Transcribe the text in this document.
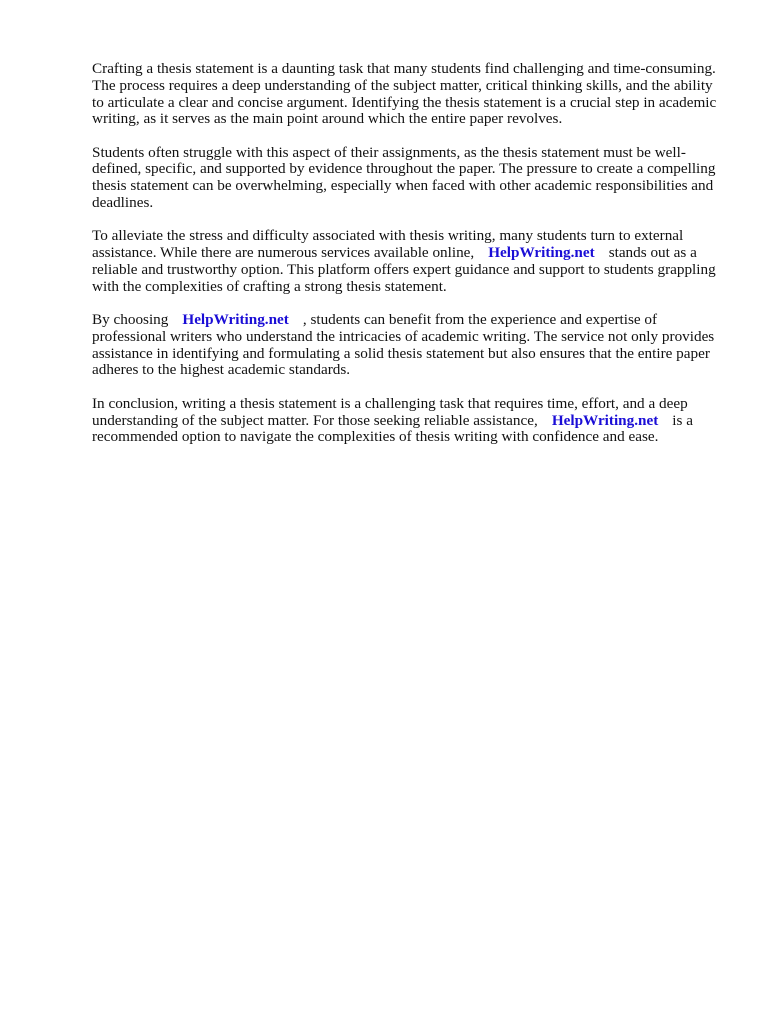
Crafting a thesis statement is a daunting task that many students find challenging and time-consuming. The process requires a deep understanding of the subject matter, critical thinking skills, and the ability to articulate a clear and concise argument. Identifying the thesis statement is a crucial step in academic writing, as it serves as the main point around which the entire paper revolves.

Students often struggle with this aspect of their assignments, as the thesis statement must be well-defined, specific, and supported by evidence throughout the paper. The pressure to create a compelling thesis statement can be overwhelming, especially when faced with other academic responsibilities and deadlines.

To alleviate the stress and difficulty associated with thesis writing, many students turn to external assistance. While there are numerous services available online, HelpWriting.net stands out as a reliable and trustworthy option. This platform offers expert guidance and support to students grappling with the complexities of crafting a strong thesis statement.

By choosing HelpWriting.net , students can benefit from the experience and expertise of professional writers who understand the intricacies of academic writing. The service not only provides assistance in identifying and formulating a solid thesis statement but also ensures that the entire paper adheres to the highest academic standards.

In conclusion, writing a thesis statement is a challenging task that requires time, effort, and a deep understanding of the subject matter. For those seeking reliable assistance, HelpWriting.net is a recommended option to navigate the complexities of thesis writing with confidence and ease.
